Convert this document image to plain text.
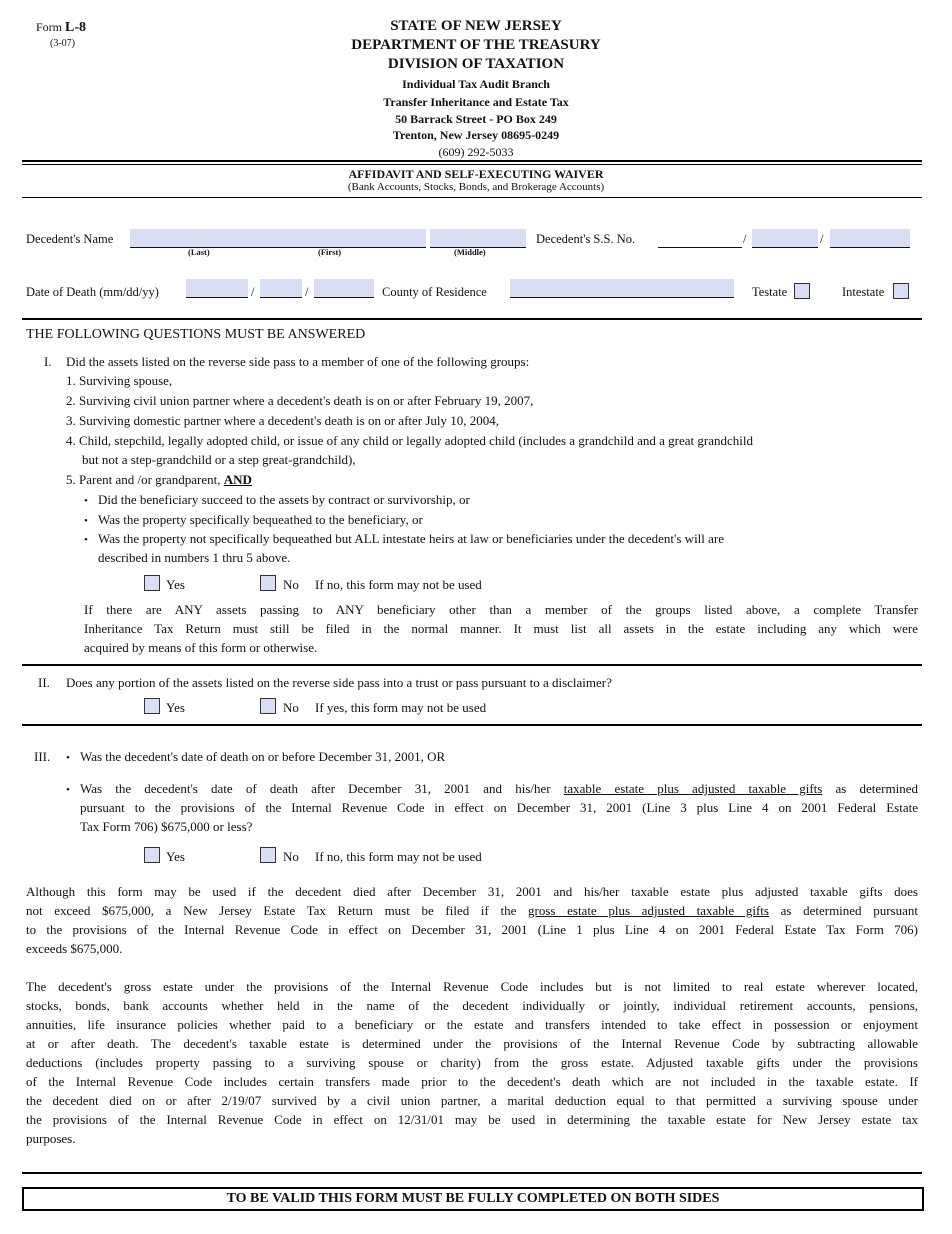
Form L-8
(3-07)
STATE OF NEW JERSEY
DEPARTMENT OF THE TREASURY
DIVISION OF TAXATION
Individual Tax Audit Branch
Transfer Inheritance and Estate Tax
50 Barrack Street - PO Box 249
Trenton, New Jersey 08695-0249
(609) 292-5033
AFFIDAVIT AND SELF-EXECUTING WAIVER
(Bank Accounts, Stocks, Bonds, and Brokerage Accounts)
Decedent's Name
(Last)	(First)	(Middle)
Decedent's S.S. No.	/	/
Date of Death (mm/dd/yy)	/	/	County of Residence	Testate	Intestate
THE FOLLOWING QUESTIONS MUST BE ANSWERED
I. Did the assets listed on the reverse side pass to a member of one of the following groups:
1. Surviving spouse,
2. Surviving civil union partner where a decedent's death is on or after February 19, 2007,
3. Surviving domestic partner where a decedent's death is on or after July 10, 2004,
4. Child, stepchild, legally adopted child, or issue of any child or legally adopted child (includes a grandchild and a great grandchild
but not a step-grandchild or a step great-grandchild),
5. Parent and /or grandparent, AND
• Did the beneficiary succeed to the assets by contract or survivorship, or
• Was the property specifically bequeathed to the beneficiary, or
• Was the property not specifically bequeathed but ALL intestate heirs at law or beneficiaries under the decedent's will are
described in numbers 1 thru 5 above.
Yes	No If no, this form may not be used
If there are ANY assets passing to ANY beneficiary other than a member of the groups listed above, a complete Transfer
Inheritance Tax Return must still be filed in the normal manner. It must list all assets in the estate including any which were
acquired by means of this form or otherwise.
II. Does any portion of the assets listed on the reverse side pass into a trust or pass pursuant to a disclaimer?
Yes	No If yes, this form may not be used
III.
•	Was the decedent's date of death on or before December 31, 2001, OR
• Was the decedent's date of death after December 31, 2001 and his/her taxable estate plus adjusted taxable gifts as determined
pursuant to the provisions of the Internal Revenue Code in effect on December 31, 2001 (Line 3 plus Line 4 on 2001 Federal Estate
Tax Form 706) $675,000 or less?
Yes	No If no, this form may not be used
Although this form may be used if the decedent died after December 31, 2001 and his/her taxable estate plus adjusted taxable gifts does
not exceed $675,000, a New Jersey Estate Tax Return must be filed if the gross estate plus adjusted taxable gifts as determined pursuant
to the provisions of the Internal Revenue Code in effect on December 31, 2001 (Line 1 plus Line 4 on 2001 Federal Estate Tax Form 706)
exceeds $675,000.
The decedent's gross estate under the provisions of the Internal Revenue Code includes but is not limited to real estate wherever located,
stocks, bonds, bank accounts whether held in the name of the decedent individually or jointly, individual retirement accounts, pensions,
annuities, life insurance policies whether paid to a beneficiary or the estate and transfers intended to take effect in possession or enjoyment
at or after death. The decedent's taxable estate is determined under the provisions of the Internal Revenue Code by subtracting allowable
deductions (includes property passing to a surviving spouse or charity) from the gross estate. Adjusted taxable gifts under the provisions
of the Internal Revenue Code includes certain transfers made prior to the decedent's death which are not included in the taxable estate. If
the decedent died on or after 2/19/07 survived by a civil union partner, a marital deduction equal to that permitted a surviving spouse under
the provisions of the Internal Revenue Code in effect on 12/31/01 may be used in determining the taxable estate for New Jersey estate tax
purposes.
TO BE VALID THIS FORM MUST BE FULLY COMPLETED ON BOTH SIDES
